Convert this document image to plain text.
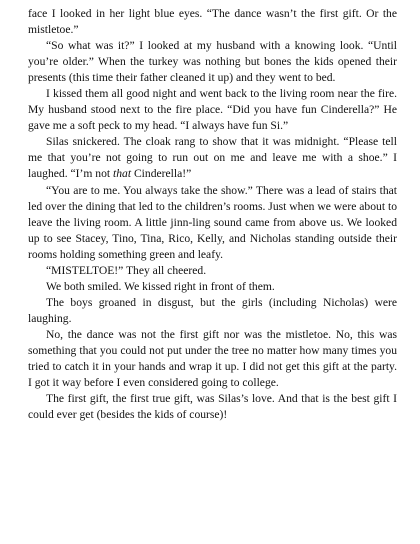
face I looked in her light blue eyes. “The dance wasn’t the first gift. Or the mistletoe.”

“So what was it?” I looked at my husband with a knowing look. “Until you’re older.” When the turkey was nothing but bones the kids opened their presents (this time their father cleaned it up) and they went to bed.

I kissed them all good night and went back to the living room near the fire. My husband stood next to the fire place. “Did you have fun Cinderella?” He gave me a soft peck to my head. “I always have fun Si.”

Silas snickered. The cloak rang to show that it was midnight. “Please tell me that you’re not going to run out on me and leave me with a shoe.” I laughed. “I’m not that Cinderella!”

“You are to me. You always take the show.” There was a lead of stairs that led over the dining that led to the children’s rooms. Just when we were about to leave the living room. A little jinn-ling sound came from above us. We looked up to see Stacey, Tino, Tina, Rico, Kelly, and Nicholas standing outside their rooms holding something green and leafy.

“MISTELTOE!” They all cheered.

We both smiled. We kissed right in front of them.

The boys groaned in disgust, but the girls (including Nicholas) were laughing.

No, the dance was not the first gift nor was the mistletoe. No, this was something that you could not put under the tree no matter how many times you tried to catch it in your hands and wrap it up. I did not get this gift at the party. I got it way before I even considered going to college.

The first gift, the first true gift, was Silas’s love. And that is the best gift I could ever get (besides the kids of course)!
